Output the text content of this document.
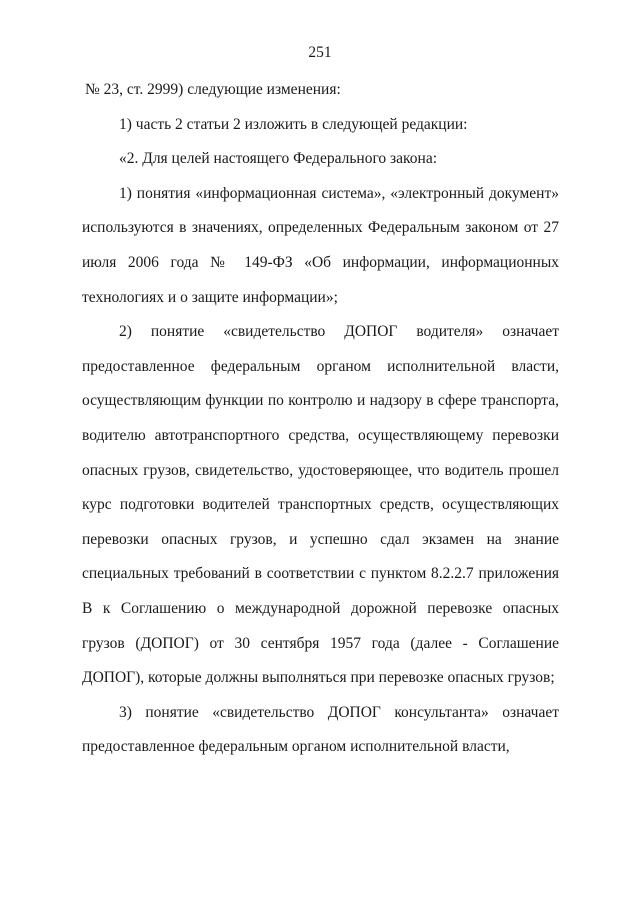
251

№ 23, ст. 2999) следующие изменения:

1) часть 2 статьи 2 изложить в следующей редакции:

«2. Для целей настоящего Федерального закона:

1) понятия «информационная система», «электронный документ» используются в значениях, определенных Федеральным законом от 27 июля 2006 года № 149-ФЗ «Об информации, информационных технологиях и о защите информации»;

2) понятие «свидетельство ДОПОГ водителя» означает предоставленное федеральным органом исполнительной власти, осуществляющим функции по контролю и надзору в сфере транспорта, водителю автотранспортного средства, осуществляющему перевозки опасных грузов, свидетельство, удостоверяющее, что водитель прошел курс подготовки водителей транспортных средств, осуществляющих перевозки опасных грузов, и успешно сдал экзамен на знание специальных требований в соответствии с пунктом 8.2.2.7 приложения В к Соглашению о международной дорожной перевозке опасных грузов (ДОПОГ) от 30 сентября 1957 года (далее - Соглашение ДОПОГ), которые должны выполняться при перевозке опасных грузов;

3) понятие «свидетельство ДОПОГ консультанта» означает предоставленное федеральным органом исполнительной власти,
